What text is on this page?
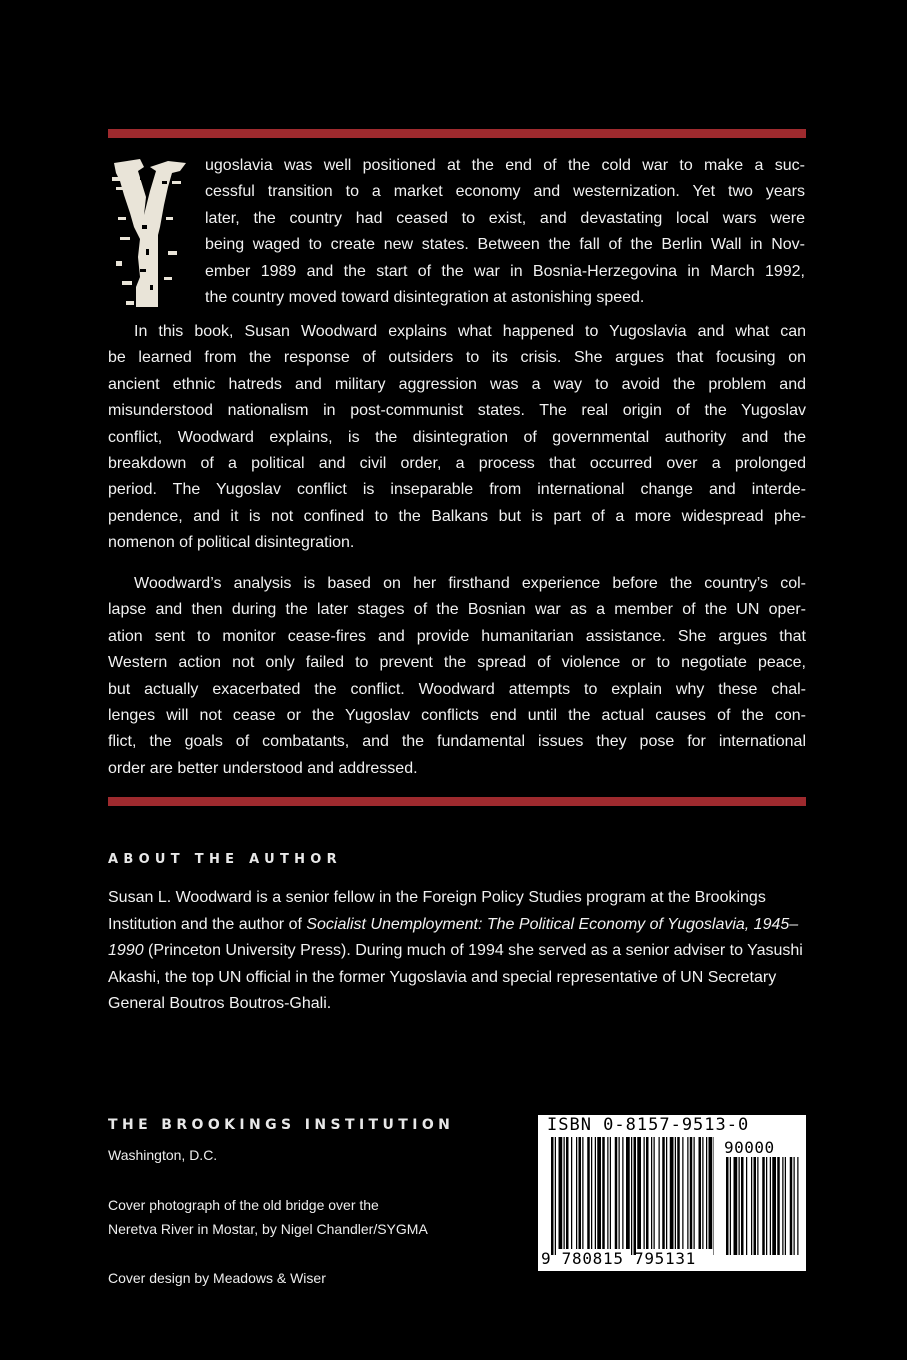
ugoslavia was well positioned at the end of the cold war to make a suc-
cessful transition to a market economy and westernization. Yet two years
later, the country had ceased to exist, and devastating local wars were
being waged to create new states. Between the fall of the Berlin Wall in Nov-
ember 1989 and the start of the war in Bosnia-Herzegovina in March 1992,
the country moved toward disintegration at astonishing speed.
In this book, Susan Woodward explains what happened to Yugoslavia and what can
be learned from the response of outsiders to its crisis. She argues that focusing on
ancient ethnic hatreds and military aggression was a way to avoid the problem and
misunderstood nationalism in post-communist states. The real origin of the Yugoslav
conflict, Woodward explains, is the disintegration of governmental authority and the
breakdown of a political and civil order, a process that occurred over a prolonged
period. The Yugoslav conflict is inseparable from international change and interde-
pendence, and it is not confined to the Balkans but is part of a more widespread phe-
nomenon of political disintegration.
Woodward’s analysis is based on her firsthand experience before the country’s col-
lapse and then during the later stages of the Bosnian war as a member of the UN oper-
ation sent to monitor cease-fires and provide humanitarian assistance. She argues that
Western action not only failed to prevent the spread of violence or to negotiate peace,
but actually exacerbated the conflict. Woodward attempts to explain why these chal-
lenges will not cease or the Yugoslav conflicts end until the actual causes of the con-
flict, the goals of combatants, and the fundamental issues they pose for international
order are better understood and addressed.
ABOUT THE AUTHOR

Susan L. Woodward is a senior fellow in the Foreign Policy Studies program at the Brookings Institution and the author of Socialist Unemployment: The Political Economy of Yugoslavia, 1945–1990 (Princeton University Press). During much of 1994 she served as a senior adviser to Yasushi Akashi, the top UN official in the former Yugoslavia and special representative of UN Secretary General Boutros Boutros-Ghali.

THE BROOKINGS INSTITUTION
Washington, D.C.
Cover photograph of the old bridge over the
Neretva River in Mostar, by Nigel Chandler/SYGMA
Cover design by Meadows & Wiser
ISBN 0-8157-9513-0
90000
9 780815 795131
